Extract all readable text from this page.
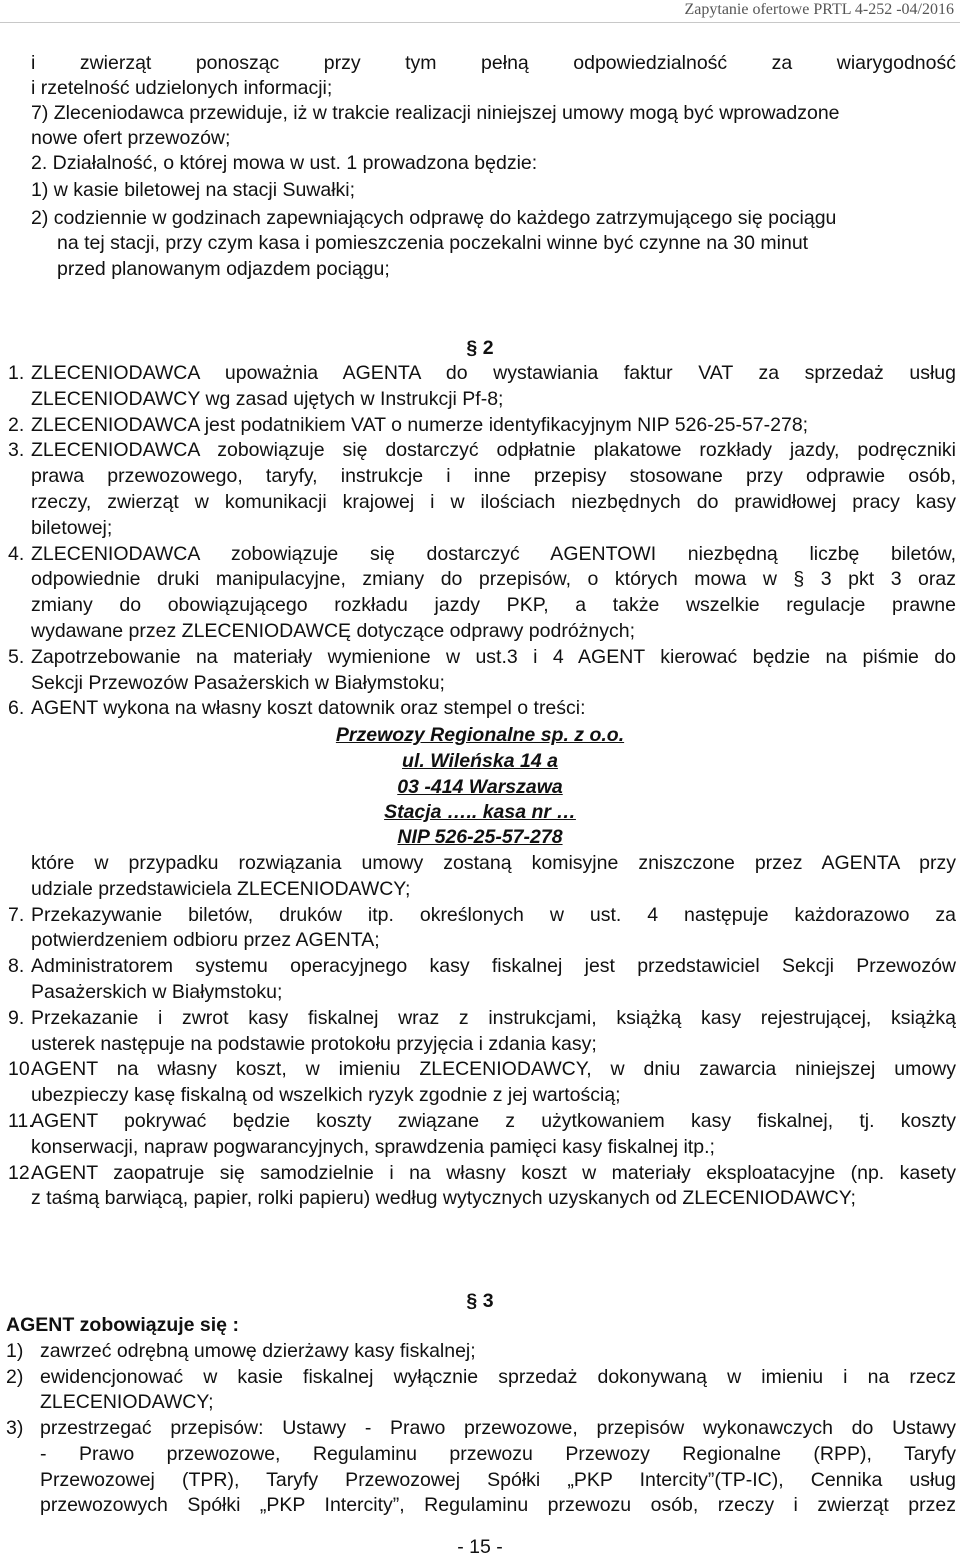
Zapytanie ofertowe PRTL 4-252 -04/2016
i zwierząt ponosząc przy tym pełną odpowiedzialność za wiarygodność
i rzetelność udzielonych informacji;
7) Zleceniodawca przewiduje, iż w trakcie realizacji niniejszej umowy mogą być wprowadzone
nowe ofert przewozów;
2. Działalność, o której mowa w ust. 1 prowadzona będzie:
1) w kasie biletowej na stacji Suwałki;
2) codziennie w godzinach zapewniających odprawę do każdego zatrzymującego się pociągu
na tej stacji, przy czym kasa i pomieszczenia poczekalni winne być czynne na 30 minut
przed planowanym odjazdem pociągu;
§ 2
1. ZLECENIODAWCA upoważnia AGENTA do wystawiania faktur VAT za sprzedaż usług
ZLECENIODAWCY wg zasad ujętych w Instrukcji Pf-8;
2. ZLECENIODAWCA jest podatnikiem VAT o numerze identyfikacyjnym NIP 526-25-57-278;
3. ZLECENIODAWCA zobowiązuje się dostarczyć odpłatnie plakatowe rozkłady jazdy, podręczniki
prawa przewozowego, taryfy, instrukcje i inne przepisy stosowane przy odprawie osób,
rzeczy, zwierząt w komunikacji krajowej i w ilościach niezbędnych do prawidłowej pracy kasy
biletowej;
4. ZLECENIODAWCA zobowiązuje się dostarczyć AGENTOWI niezbędną liczbę biletów,
odpowiednie druki manipulacyjne, zmiany do przepisów, o których mowa w § 3 pkt 3 oraz
zmiany do obowiązującego rozkładu jazdy PKP, a także wszelkie regulacje prawne
wydawane przez ZLECENIODAWCĘ dotyczące odprawy podróżnych;
5. Zapotrzebowanie na materiały wymienione w ust.3 i 4 AGENT kierować będzie na piśmie do
Sekcji Przewozów Pasażerskich w Białymstoku;
6. AGENT wykona na własny koszt datownik oraz stempel o treści:
Przewozy Regionalne sp. z o.o.
ul. Wileńska 14 a
03 -414 Warszawa
Stacja ….. kasa nr …
NIP 526-25-57-278
które w przypadku rozwiązania umowy zostaną komisyjne zniszczone przez AGENTA przy
udziale przedstawiciela ZLECENIODAWCY;
7. Przekazywanie biletów, druków itp. określonych w ust. 4 następuje każdorazowo za
potwierdzeniem odbioru przez AGENTA;
8. Administratorem systemu operacyjnego kasy fiskalnej jest przedstawiciel Sekcji Przewozów
Pasażerskich w Białymstoku;
9. Przekazanie i zwrot kasy fiskalnej wraz z instrukcjami, książką kasy rejestrującej, książką
usterek następuje na podstawie protokołu przyjęcia i zdania kasy;
10.
AGENT na własny koszt, w imieniu ZLECENIODAWCY, w dniu zawarcia niniejszej umowy
ubezpieczy kasę fiskalną od wszelkich ryzyk zgodnie z jej wartością;
11.
AGENT pokrywać będzie koszty związane z użytkowaniem kasy fiskalnej, tj. koszty
konserwacji, napraw pogwarancyjnych, sprawdzenia pamięci kasy fiskalnej itp.;
12.
AGENT zaopatruje się samodzielnie i na własny koszt w materiały eksploatacyjne (np. kasety
z taśmą barwiącą, papier, rolki papieru) według wytycznych uzyskanych od ZLECENIODAWCY;
§ 3
AGENT zobowiązuje się :
1) zawrzeć odrębną umowę dzierżawy kasy fiskalnej;
2) ewidencjonować w kasie fiskalnej wyłącznie sprzedaż dokonywaną w imieniu i na rzecz
ZLECENIODAWCY;
3) przestrzegać przepisów: Ustawy - Prawo przewozowe, przepisów wykonawczych do Ustawy
- Prawo przewozowe, Regulaminu przewozu Przewozy Regionalne (RPP), Taryfy
Przewozowej (TPR), Taryfy Przewozowej Spółki „PKP Intercity”(TP-IC), Cennika usług
przewozowych Spółki „PKP Intercity”, Regulaminu przewozu osób, rzeczy i zwierząt przez
- 15 -
